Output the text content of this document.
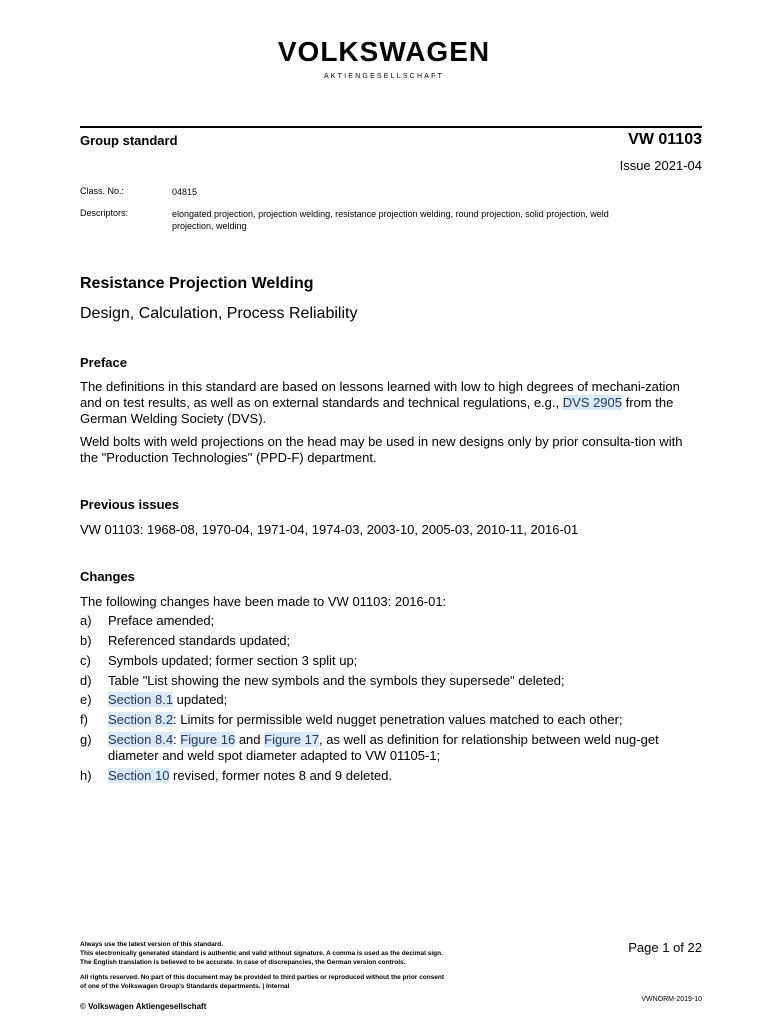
VOLKSWAGEN
AKTIENGESELLSCHAFT
Group standard	VW 01103
Issue 2021-04
Class. No.:	04815
Descriptors:	elongated projection, projection welding, resistance projection welding, round projection, solid projection, weld projection, welding
Resistance Projection Welding
Design, Calculation, Process Reliability
Preface

The definitions in this standard are based on lessons learned with low to high degrees of mechani-zation and on test results, as well as on external standards and technical regulations, e.g., DVS 2905 from the German Welding Society (DVS).

Weld bolts with weld projections on the head may be used in new designs only by prior consulta-tion with the "Production Technologies" (PPD-F) department.

Previous issues
VW 01103: 1968-08, 1970-04, 1971-04, 1974-03, 2003-10, 2005-03, 2010-11, 2016-01
Changes
The following changes have been made to VW 01103: 2016-01:
a) Preface amended;
b) Referenced standards updated;
c) Symbols updated; former section 3 split up;
d) Table "List showing the new symbols and the symbols they supersede" deleted;
e) Section 8.1 updated;
f) Section 8.2: Limits for permissible weld nugget penetration values matched to each other;
g) Section 8.4: Figure 16 and Figure 17, as well as definition for relationship between weld nug-get diameter and weld spot diameter adapted to VW 01105-1;
h) Section 10 revised, former notes 8 and 9 deleted.

Always use the latest version of this standard.

This electronically generated standard is authentic and valid without signature. A comma is used as the decimal sign.

The English translation is believed to be accurate. In case of discrepancies, the German version controls.

All rights reserved. No part of this document may be provided to third parties or reproduced without the prior consent

of one of the Volkswagen Group's Standards departments. | Internal

© Volkswagen Aktiengesellschaft
Page 1 of 22
VWNORM-2019-10
